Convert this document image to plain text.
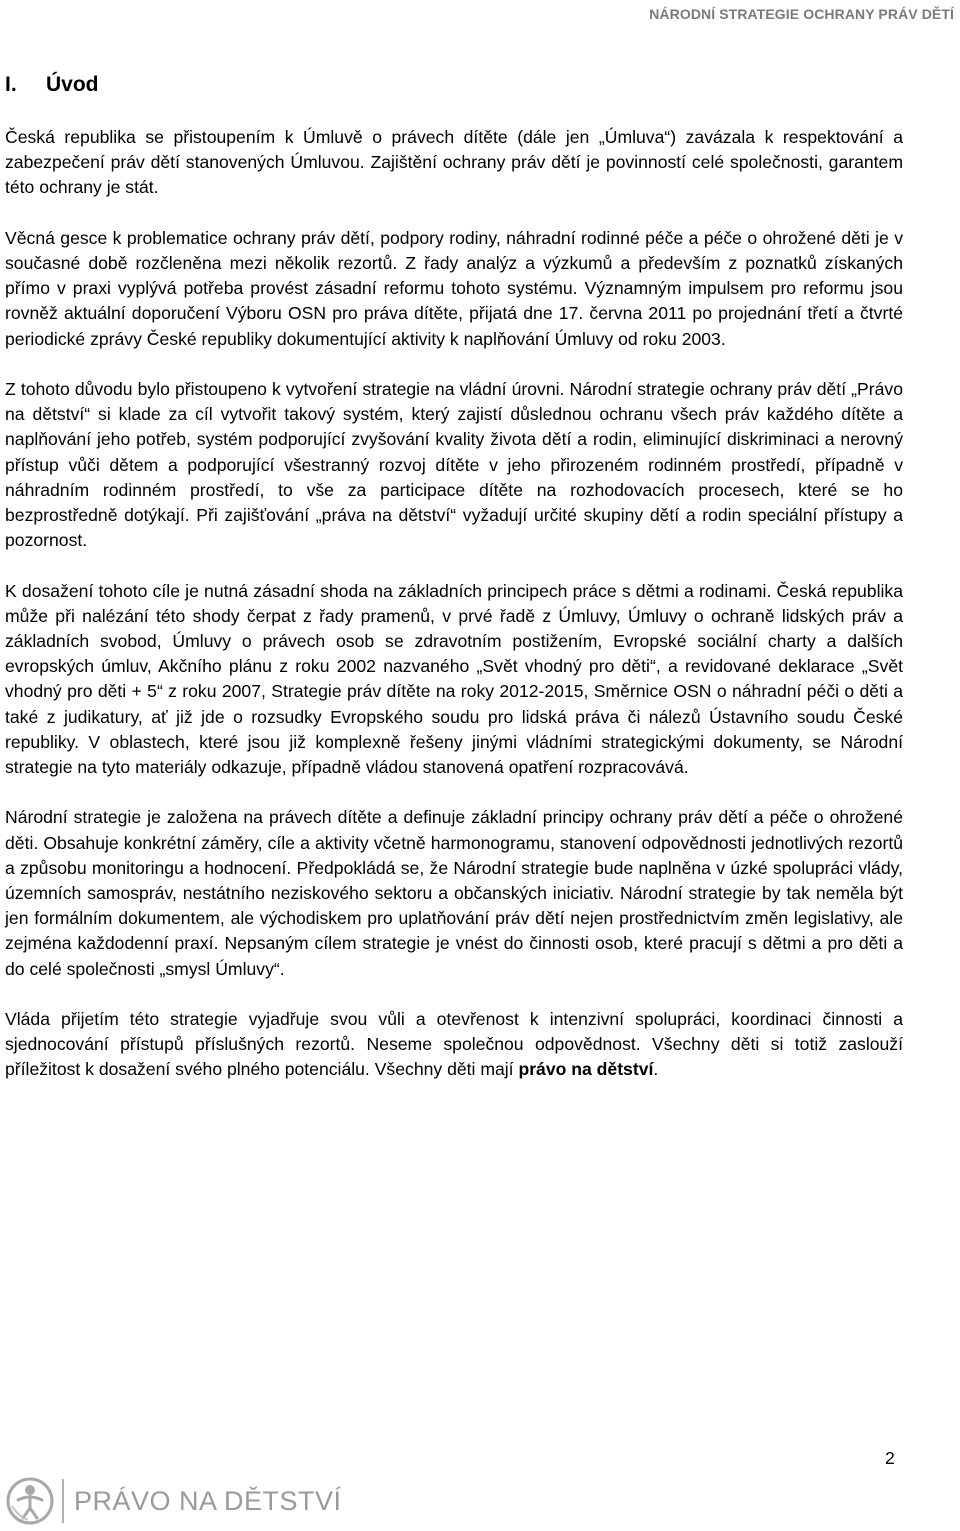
NÁRODNÍ STRATEGIE OCHRANY PRÁV DĚTÍ
I. Úvod

Česká republika se přistoupením k Úmluvě o právech dítěte (dále jen „Úmluva“) zavázala k respektování a zabezpečení práv dětí stanovených Úmluvou. Zajištění ochrany práv dětí je povinností celé společnosti, garantem této ochrany je stát.

Věcná gesce k problematice ochrany práv dětí, podpory rodiny, náhradní rodinné péče a péče o ohrožené děti je v současné době rozčleněna mezi několik rezortů. Z řady analýz a výzkumů a především z poznatků získaných přímo v praxi vyplývá potřeba provést zásadní reformu tohoto systému. Významným impulsem pro reformu jsou rovněž aktuální doporučení Výboru OSN pro práva dítěte, přijatá dne 17. června 2011 po projednání třetí a čtvrté periodické zprávy České republiky dokumentující aktivity k naplňování Úmluvy od roku 2003.

Z tohoto důvodu bylo přistoupeno k vytvoření strategie na vládní úrovni. Národní strategie ochrany práv dětí „Právo na dětství“ si klade za cíl vytvořit takový systém, který zajistí důslednou ochranu všech práv každého dítěte a naplňování jeho potřeb, systém podporující zvyšování kvality života dětí a rodin, eliminující diskriminaci a nerovný přístup vůči dětem a podporující všestranný rozvoj dítěte v jeho přirozeném rodinném prostředí, případně v náhradním rodinném prostředí, to vše za participace dítěte na rozhodovacích procesech, které se ho bezprostředně dotýkají. Při zajišťování „práva na dětství“ vyžadují určité skupiny dětí a rodin speciální přístupy a pozornost.

K dosažení tohoto cíle je nutná zásadní shoda na základních principech práce s dětmi a rodinami. Česká republika může při nalézání této shody čerpat z řady pramenů, v prvé řadě z Úmluvy, Úmluvy o ochraně lidských práv a základních svobod, Úmluvy o právech osob se zdravotním postižením, Evropské sociální charty a dalších evropských úmluv, Akčního plánu z roku 2002 nazvaného „Svět vhodný pro děti“, a revidované deklarace „Svět vhodný pro děti + 5“ z roku 2007, Strategie práv dítěte na roky 2012-2015, Směrnice OSN o náhradní péči o děti a také z judikatury, ať již jde o rozsudky Evropského soudu pro lidská práva či nálezů Ústavního soudu České republiky. V oblastech, které jsou již komplexně řešeny jinými vládními strategickými dokumenty, se Národní strategie na tyto materiály odkazuje, případně vládou stanovená opatření rozpracovává.

Národní strategie je založena na právech dítěte a definuje základní principy ochrany práv dětí a péče o ohrožené děti. Obsahuje konkrétní záměry, cíle a aktivity včetně harmonogramu, stanovení odpovědnosti jednotlivých rezortů a způsobu monitoringu a hodnocení. Předpokládá se, že Národní strategie bude naplněna v úzké spolupráci vlády, územních samospráv, nestátního neziskového sektoru a občanských iniciativ. Národní strategie by tak neměla být jen formálním dokumentem, ale východiskem pro uplatňování práv dětí nejen prostřednictvím změn legislativy, ale zejména každodenní praxí. Nepsaným cílem strategie je vnést do činnosti osob, které pracují s dětmi a pro děti a do celé společnosti „smysl Úmluvy“.

Vláda přijetím této strategie vyjadřuje svou vůli a otevřenost k intenzivní spolupráci, koordinaci činnosti a sjednocování přístupů příslušných rezortů. Neseme společnou odpovědnost. Všechny děti si totiž zaslouží příležitost k dosažení svého plného potenciálu. Všechny děti mají právo na dětství.

2
PRÁVO NA DĚTSTVÍ
